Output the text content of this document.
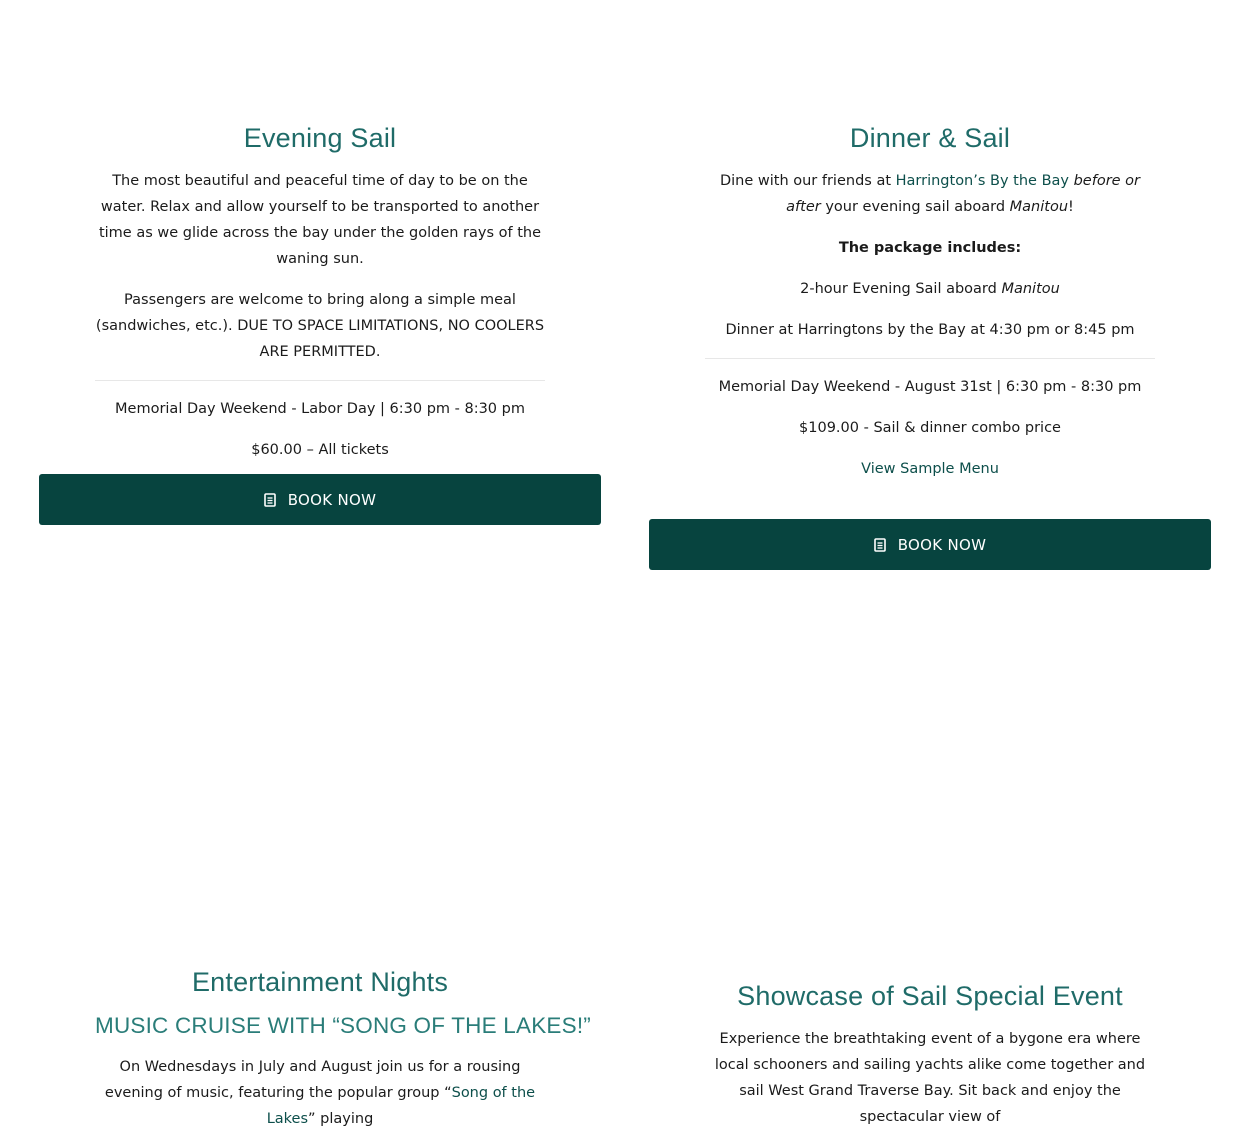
Evening Sail

The most beautiful and peaceful time of day to be on the water. Relax and allow yourself to be transported to another time as we glide across the bay under the golden rays of the waning sun.

Passengers are welcome to bring along a simple meal (sandwiches, etc.). DUE TO SPACE LIMITATIONS, NO COOLERS ARE PERMITTED.

Memorial Day Weekend - Labor Day | 6:30 pm - 8:30 pm

$60.00 – All tickets

BOOK NOW
Dinner & Sail

Dine with our friends at Harrington’s By the Bay before or after your evening sail aboard Manitou!

The package includes:

2-hour Evening Sail aboard Manitou

Dinner at Harringtons by the Bay at 4:30 pm or 8:45 pm

Memorial Day Weekend - August 31st | 6:30 pm - 8:30 pm

$109.00 - Sail & dinner combo price

View Sample Menu

BOOK NOW
Entertainment Nights
MUSIC CRUISE WITH “SONG OF THE LAKES!”

On Wednesdays in July and August join us for a rousing evening of music, featuring the popular group “Song of the Lakes” playing

Showcase of Sail Special Event

Experience the breathtaking event of a bygone era where local schooners and sailing yachts alike come together and sail West Grand Traverse Bay. Sit back and enjoy the spectacular view of
